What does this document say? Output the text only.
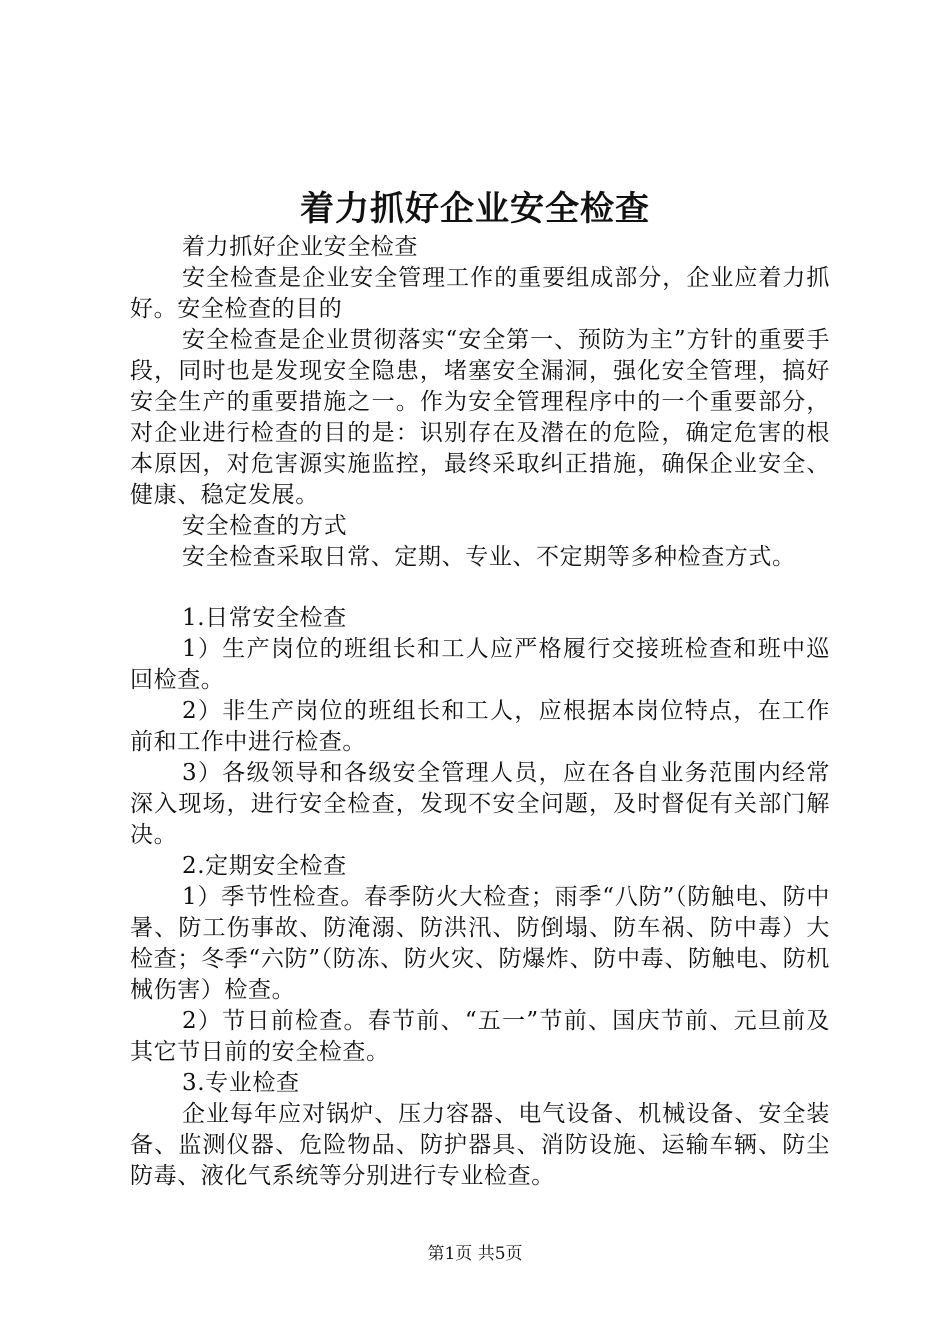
着力抓好企业安全检查

着力抓好企业安全检查

安全检查是企业安全管理工作的重要组成部分，企业应着力抓好。安全检查的目的

安全检查是企业贯彻落实“安全第一、预防为主”方针的重要手段，同时也是发现安全隐患，堵塞安全漏洞，强化安全管理，搞好安全生产的重要措施之一。作为安全管理程序中的一个重要部分，对企业进行检查的目的是：识别存在及潜在的危险，确定危害的根本原因，对危害源实施监控，最终采取纠正措施，确保企业安全、健康、稳定发展。

安全检查的方式

安全检查采取日常、定期、专业、不定期等多种检查方式。

1.日常安全检查

1）生产岗位的班组长和工人应严格履行交接班检查和班中巡回检查。

2）非生产岗位的班组长和工人，应根据本岗位特点，在工作前和工作中进行检查。

3）各级领导和各级安全管理人员，应在各自业务范围内经常深入现场，进行安全检查，发现不安全问题，及时督促有关部门解决。

2.定期安全检查

1）季节性检查。春季防火大检查；雨季“八防”（防触电、防中暑、防工伤事故、防淹溺、防洪汛、防倒塌、防车祸、防中毒）大检查；冬季“六防”（防冻、防火灾、防爆炸、防中毒、防触电、防机械伤害）检查。

2）节日前检查。春节前、“五一”节前、国庆节前、元旦前及其它节日前的安全检查。

3.专业检查

企业每年应对锅炉、压力容器、电气设备、机械设备、安全装备、监测仪器、危险物品、防护器具、消防设施、运输车辆、防尘防毒、液化气系统等分别进行专业检查。

第1页 共5页
